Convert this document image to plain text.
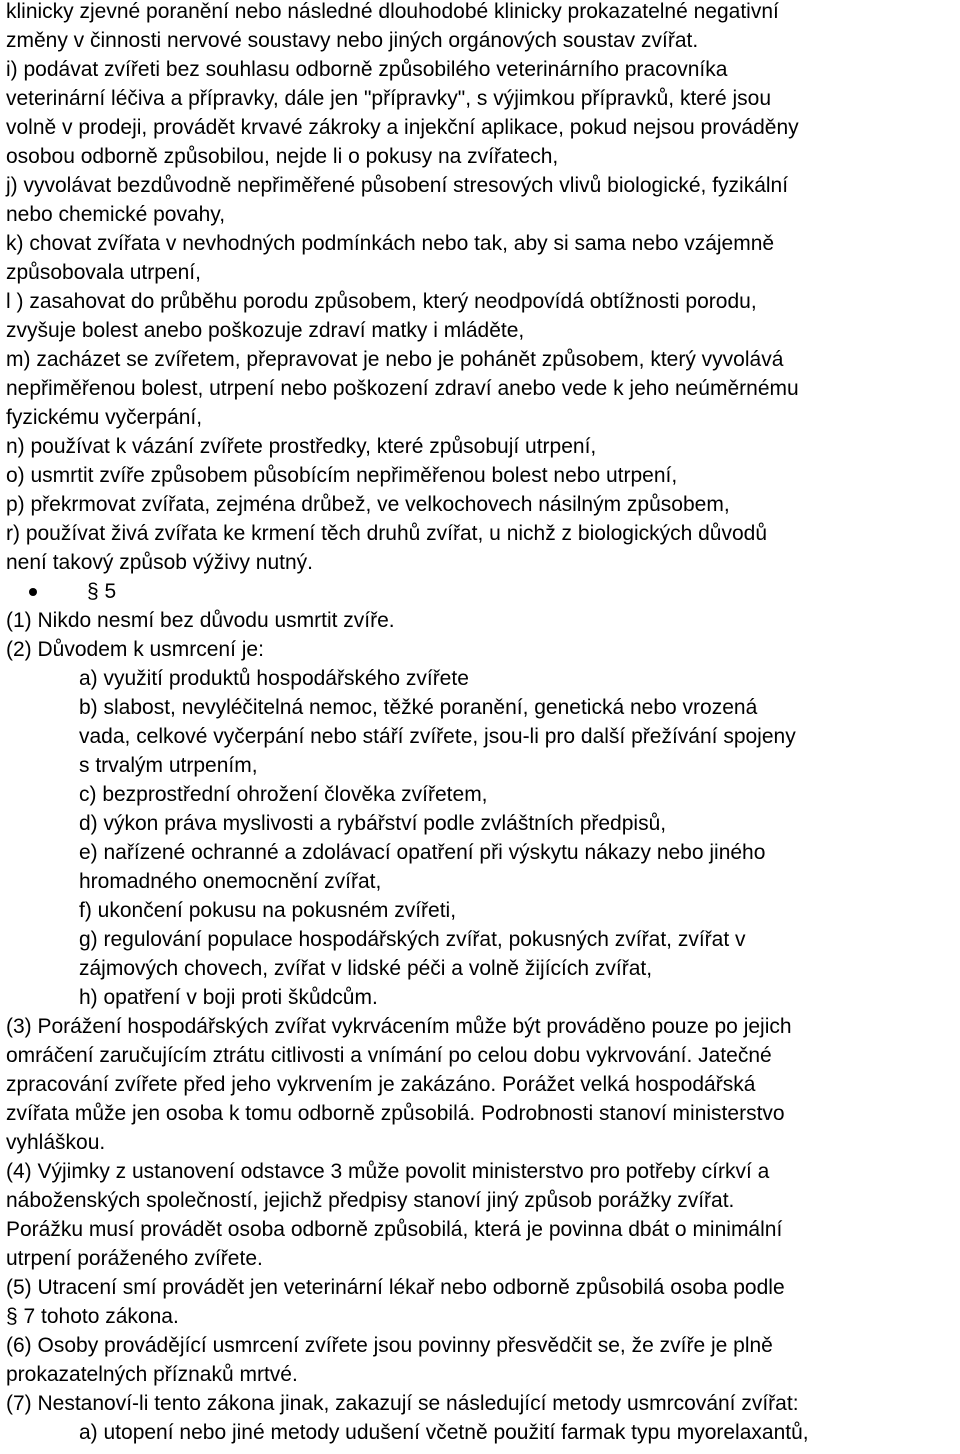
klinicky zjevné poranění nebo následné dlouhodobé klinicky prokazatelné negativní
změny v činnosti nervové soustavy nebo jiných orgánových soustav zvířat.
i) podávat zvířeti bez souhlasu odborně způsobilého veterinárního pracovníka
veterinární léčiva a přípravky, dále jen "přípravky", s výjimkou přípravků, které jsou
volně v prodeji, provádět krvavé zákroky a injekční aplikace, pokud nejsou prováděny
osobou odborně způsobilou, nejde li o pokusy na zvířatech,
j) vyvolávat bezdůvodně nepřiměřené působení stresových vlivů biologické, fyzikální
nebo chemické povahy,
k) chovat zvířata v nevhodných podmínkách nebo tak, aby si sama nebo vzájemně
způsobovala utrpení,
l ) zasahovat do průběhu porodu způsobem, který neodpovídá obtížnosti porodu,
zvyšuje bolest anebo poškozuje zdraví matky i mláděte,
m) zacházet se zvířetem, přepravovat je nebo je pohánět způsobem, který vyvolává
nepřiměřenou bolest, utrpení nebo poškození zdraví anebo vede k jeho neúměrnému
fyzickému vyčerpání,
n) používat k vázání zvířete prostředky, které způsobují utrpení,
o) usmrtit zvíře způsobem působícím nepřiměřenou bolest nebo utrpení,
p) překrmovat zvířata, zejména drůbež, ve velkochovech násilným způsobem,
r) používat živá zvířata ke krmení těch druhů zvířat, u nichž z biologických důvodů
není takový způsob výživy nutný.
§ 5
(1) Nikdo nesmí bez důvodu usmrtit zvíře.
(2) Důvodem k usmrcení je:
a) využití produktů hospodářského zvířete
b) slabost, nevyléčitelná nemoc, těžké poranění, genetická nebo vrozená
vada, celkové vyčerpání nebo stáří zvířete, jsou-li pro další přežívání spojeny
s trvalým utrpením,
c) bezprostřední ohrožení člověka zvířetem,
d) výkon práva myslivosti a rybářství podle zvláštních předpisů,
e) nařízené ochranné a zdolávací opatření při výskytu nákazy nebo jiného
hromadného onemocnění zvířat,
f) ukončení pokusu na pokusném zvířeti,
g) regulování populace hospodářských zvířat, pokusných zvířat, zvířat v
zájmových chovech, zvířat v lidské péči a volně žijících zvířat,
h) opatření v boji proti škůdcům.
(3) Porážení hospodářských zvířat vykrvácením může být prováděno pouze po jejich
omráčení zaručujícím ztrátu citlivosti a vnímání po celou dobu vykrvování. Jatečné
zpracování zvířete před jeho vykrvením je zakázáno. Porážet velká hospodářská
zvířata může jen osoba k tomu odborně způsobilá. Podrobnosti stanoví ministerstvo
vyhláškou.
(4) Výjimky z ustanovení odstavce 3 může povolit ministerstvo pro potřeby církví a
náboženských společností, jejichž předpisy stanoví jiný způsob porážky zvířat.
Porážku musí provádět osoba odborně způsobilá, která je povinna dbát o minimální
utrpení poráženého zvířete.
(5) Utracení smí provádět jen veterinární lékař nebo odborně způsobilá osoba podle
§ 7 tohoto zákona.
(6) Osoby provádějící usmrcení zvířete jsou povinny přesvědčit se, že zvíře je plně
prokazatelných příznaků mrtvé.
(7) Nestanoví-li tento zákona jinak, zakazují se následující metody usmrcování zvířat:
a) utopení nebo jiné metody udušení včetně použití farmak typu myorelaxantů,
